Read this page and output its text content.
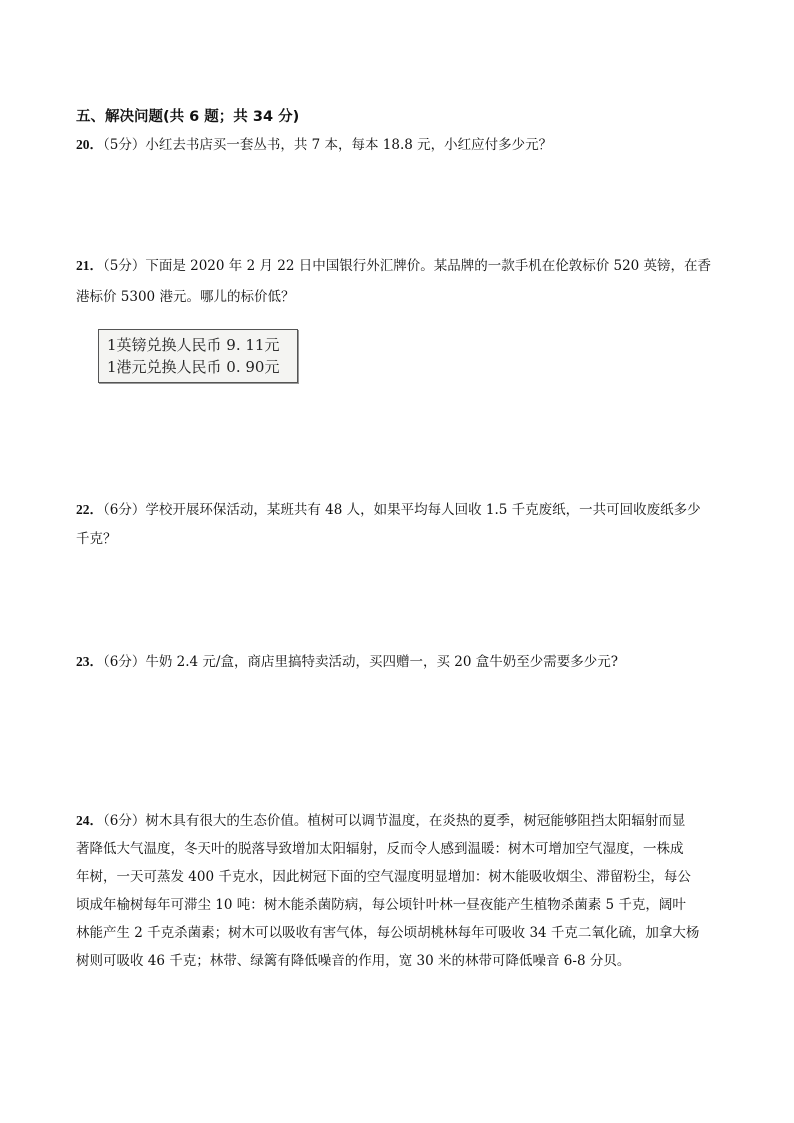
五、解决问题(共 6 题；共 34 分)
20．（5分）小红去书店买一套丛书，共 7 本，每本 18.8 元，小红应付多少元？
21．（5分）下面是 2020 年 2 月 22 日中国银行外汇牌价。某品牌的一款手机在伦敦标价 520 英镑，在香
港标价 5300 港元。哪儿的标价低？
1英镑兑换人民币 9. 11元
1港元兑换人民币 0. 90元
22．（6分）学校开展环保活动，某班共有 48 人，如果平均每人回收 1.5 千克废纸，一共可回收废纸多少
千克？
23．（6分）牛奶 2.4 元/盒，商店里搞特卖活动，买四赠一，买 20 盒牛奶至少需要多少元?
24．（6分）树木具有很大的生态价值。植树可以调节温度，在炎热的夏季，树冠能够阻挡太阳辐射而显
著降低大气温度，冬天叶的脱落导致增加太阳辐射，反而令人感到温暖：树木可增加空气湿度，一株成
年树，一天可蒸发 400 千克水，因此树冠下面的空气湿度明显增加：树木能吸收烟尘、滞留粉尘，每公
顷成年榆树每年可滞尘 10 吨：树木能杀菌防病，每公顷针叶林一昼夜能产生植物杀菌素 5 千克，阔叶
林能产生 2 千克杀菌素；树木可以吸收有害气体，每公顷胡桃林每年可吸收 34 千克二氧化硫，加拿大杨
树则可吸收 46 千克；林带、绿篱有降低噪音的作用，宽 30 米的林带可降低噪音 6-8 分贝。
